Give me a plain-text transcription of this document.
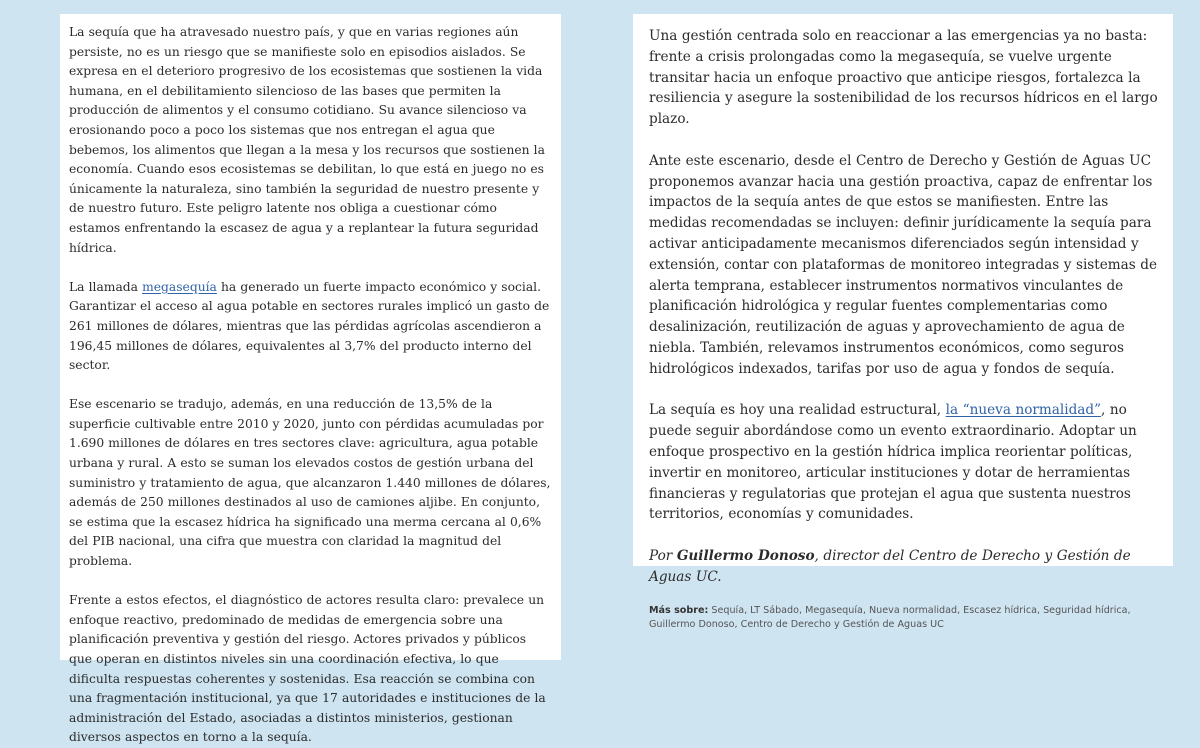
La sequía que ha atravesado nuestro país, y que en varias regiones aún persiste, no es un riesgo que se manifieste solo en episodios aislados. Se expresa en el deterioro progresivo de los ecosistemas que sostienen la vida humana, en el debilitamiento silencioso de las bases que permiten la producción de alimentos y el consumo cotidiano. Su avance silencioso va erosionando poco a poco los sistemas que nos entregan el agua que bebemos, los alimentos que llegan a la mesa y los recursos que sostienen la economía. Cuando esos ecosistemas se debilitan, lo que está en juego no es únicamente la naturaleza, sino también la seguridad de nuestro presente y de nuestro futuro. Este peligro latente nos obliga a cuestionar cómo estamos enfrentando la escasez de agua y a replantear la futura seguridad hídrica.

La llamada megasequía ha generado un fuerte impacto económico y social. Garantizar el acceso al agua potable en sectores rurales implicó un gasto de 261 millones de dólares, mientras que las pérdidas agrícolas ascendieron a 196,45 millones de dólares, equivalentes al 3,7% del producto interno del sector.

Ese escenario se tradujo, además, en una reducción de 13,5% de la superficie cultivable entre 2010 y 2020, junto con pérdidas acumuladas por 1.690 millones de dólares en tres sectores clave: agricultura, agua potable urbana y rural. A esto se suman los elevados costos de gestión urbana del suministro y tratamiento de agua, que alcanzaron 1.440 millones de dólares, además de 250 millones destinados al uso de camiones aljibe. En conjunto, se estima que la escasez hídrica ha significado una merma cercana al 0,6% del PIB nacional, una cifra que muestra con claridad la magnitud del problema.

Frente a estos efectos, el diagnóstico de actores resulta claro: prevalece un enfoque reactivo, predominado de medidas de emergencia sobre una planificación preventiva y gestión del riesgo. Actores privados y públicos que operan en distintos niveles sin una coordinación efectiva, lo que dificulta respuestas coherentes y sostenidas. Esa reacción se combina con una fragmentación institucional, ya que 17 autoridades e instituciones de la administración del Estado, asociadas a distintos ministerios, gestionan diversos aspectos en torno a la sequía.

Una gestión centrada solo en reaccionar a las emergencias ya no basta: frente a crisis prolongadas como la megasequía, se vuelve urgente transitar hacia un enfoque proactivo que anticipe riesgos, fortalezca la resiliencia y asegure la sostenibilidad de los recursos hídricos en el largo plazo.

Ante este escenario, desde el Centro de Derecho y Gestión de Aguas UC proponemos avanzar hacia una gestión proactiva, capaz de enfrentar los impactos de la sequía antes de que estos se manifiesten. Entre las medidas recomendadas se incluyen: definir jurídicamente la sequía para activar anticipadamente mecanismos diferenciados según intensidad y extensión, contar con plataformas de monitoreo integradas y sistemas de alerta temprana, establecer instrumentos normativos vinculantes de planificación hidrológica y regular fuentes complementarias como desalinización, reutilización de aguas y aprovechamiento de agua de niebla. También, relevamos instrumentos económicos, como seguros hidrológicos indexados, tarifas por uso de agua y fondos de sequía.

La sequía es hoy una realidad estructural, la “nueva normalidad”, no puede seguir abordándose como un evento extraordinario. Adoptar un enfoque prospectivo en la gestión hídrica implica reorientar políticas, invertir en monitoreo, articular instituciones y dotar de herramientas financieras y regulatorias que protejan el agua que sustenta nuestros territorios, economías y comunidades.

Por Guillermo Donoso, director del Centro de Derecho y Gestión de Aguas UC.

Más sobre: Sequía, LT Sábado, Megasequía, Nueva normalidad, Escasez hídrica, Seguridad hídrica, Guillermo Donoso, Centro de Derecho y Gestión de Aguas UC
